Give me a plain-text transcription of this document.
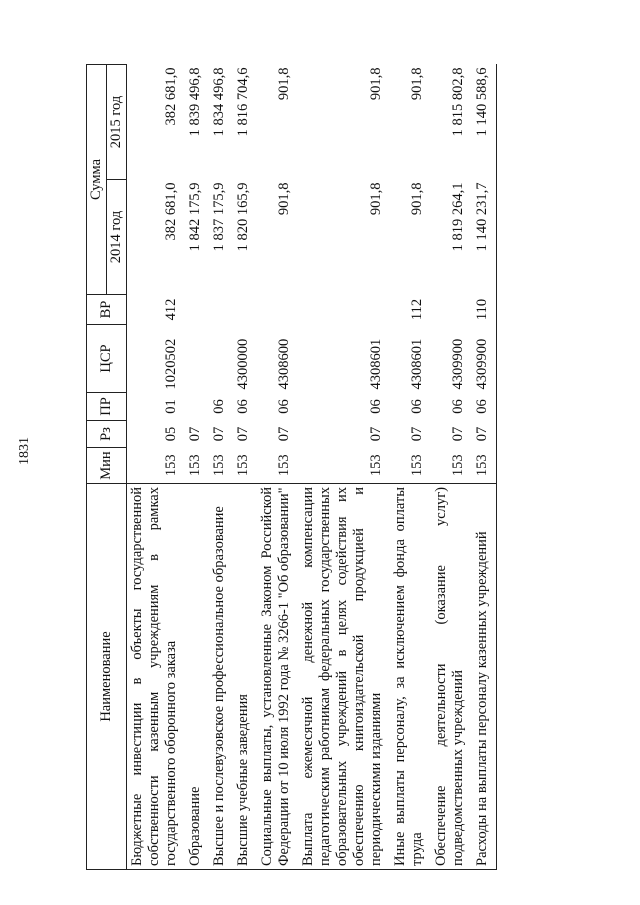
1831
Наименование	Мин	Рз	ПР	ЦСР	ВР	Сумма	
						2014 год	2015 год
Бюджетные инвестиции в объекты государственной собственности казенным учреждениям в рамках государственного оборонного заказа	153	05	01	1020502	412	382 681,0	382 681,0
Образование	153	07				1 842 175,9	1 839 496,8
Высшее и послевузовское профессиональное образование	153	07	06			1 837 175,9	1 834 496,8
Высшие учебные заведения	153	07	06	4300000		1 820 165,9	1 816 704,6
Социальные выплаты, установленные Законом Российской Федерации от 10 июля 1992 года № 3266-1 "Об образовании"	153	07	06	4308600		901,8	901,8
Выплата ежемесячной денежной компенсации педагогическим работникам федеральных государственных образовательных учреждений в целях содействия их обеспечению книгоиздательской продукцией и периодическими изданиями	153	07	06	4308601		901,8	901,8
Иные выплаты персоналу, за исключением фонда оплаты труда	153	07	06	4308601	112	901,8	901,8
Обеспечение деятельности (оказание услуг) подведомственных учреждений	153	07	06	4309900		1 819 264,1	1 815 802,8
Расходы на выплаты персоналу казенных учреждений	153	07	06	4309900	110	1 140 231,7	1 140 588,6
